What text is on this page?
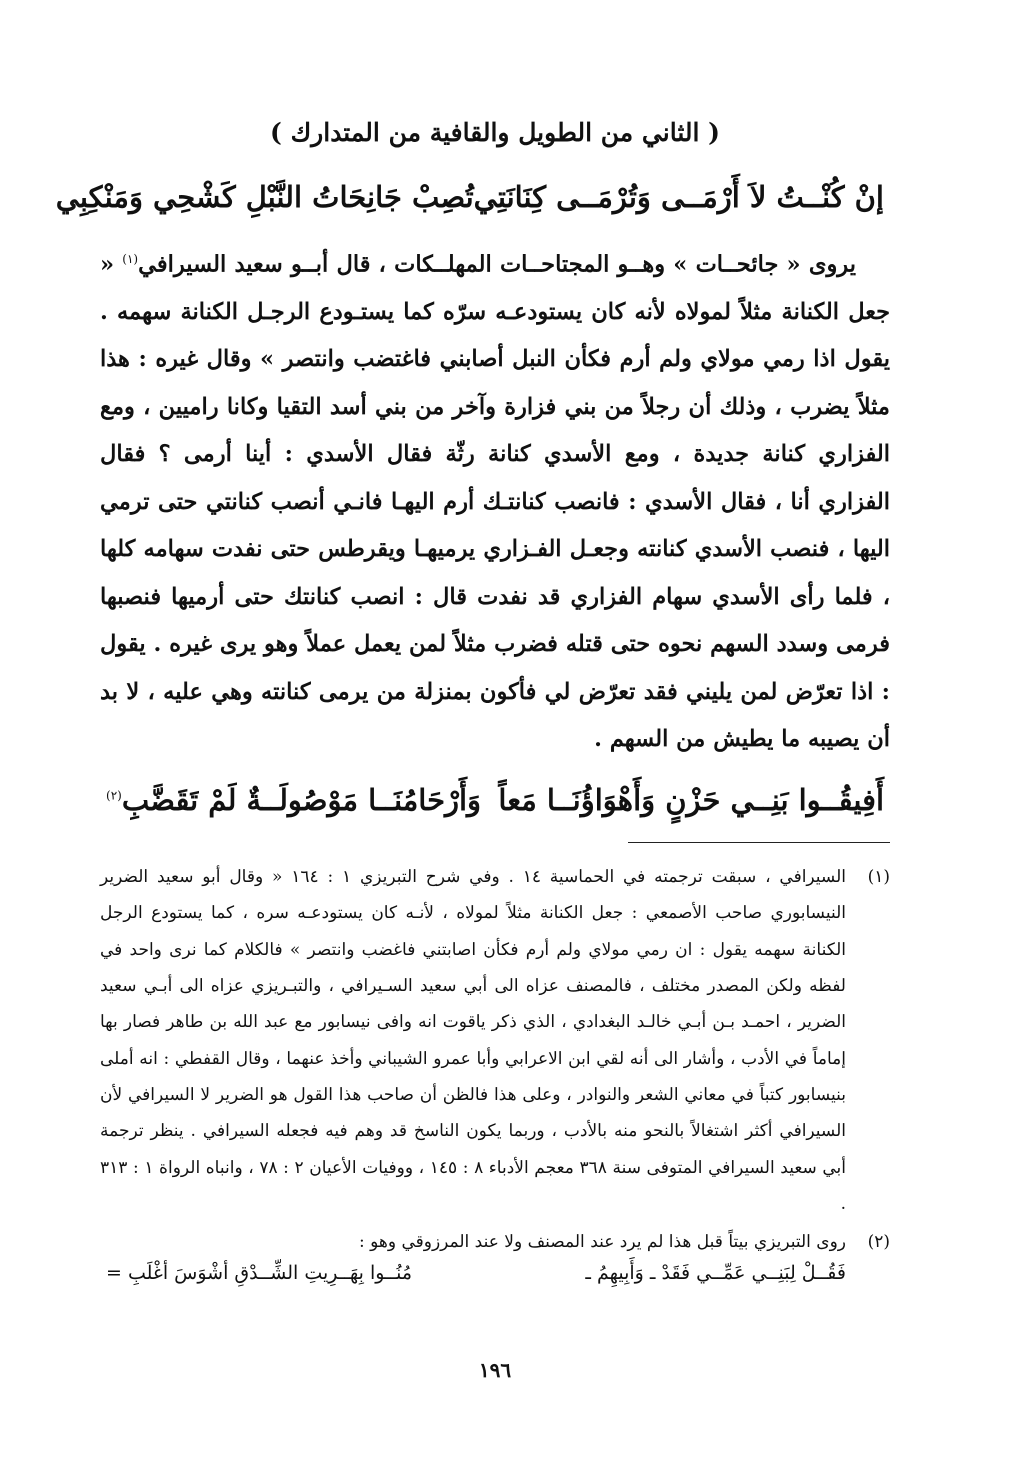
( الثاني من الطويل والقافية من المتدارك )
إنْ كُنْــتُ لاَ أَرْمَــى وَتُرْمَــى كِنَانَتِي
تُصِبْ جَانِحَاتُ النَّبْلِ كَشْحِي وَمَنْكِبِي

يروى « جائحــات » وهــو المجتاحــات المهلــكات ، قال أبــو سعيد السيرافي$^{(١)}$ « جعل الكنانة مثلاً لمولاه لأنه كان يستودعـه سرّه كما يستـودع الرجـل الكنانة سهمه . يقول اذا رمي مولاي ولم أرم فكأن النبل أصابني فاغتضب وانتصر » وقال غيره : هذا مثلاً يضرب ، وذلك أن رجلاً من بني فزارة وآخر من بني أسد التقيا وكانا راميين ، ومع الفزاري كنانة جديدة ، ومع الأسدي كنانة رثّة فقال الأسدي : أينا أرمى ؟ فقال الفزاري أنا ، فقال الأسدي : فانصب كنانتـك أرم اليهـا فانـي أنصب كنانتي حتى ترمي اليها ، فنصب الأسدي كنانته وجعـل الفـزاري يرميهـا ويقرطس حتى نفدت سهامه كلها ، فلما رأى الأسدي سهام الفزاري قد نفدت قال : انصب كنانتك حتى أرميها فنصبها فرمى وسدد السهم نحوه حتى قتله فضرب مثلاً لمن يعمل عملاً وهو يرى غيره . يقول : اذا تعرّض لمن يليني فقد تعرّض لي فأكون بمنزلة من يرمى كنانته وهي عليه ، لا بد أن يصيبه ما يطيش من السهم .

أَفِيقُــوا بَنِــي حَزْنٍ وَأَهْوَاؤُنَــا مَعاً
وَأَرْحَامُنَــا مَوْصُولَــةٌ لَمْ تَقَضَّبِ$^{(٢)}$
(١)
السيرافي ، سبقت ترجمته في الحماسية ١٤ . وفي شرح التبريزي ١ : ١٦٤ « وقال أبو سعيد الضرير النيسابوري صاحب الأصمعي : جعل الكنانة مثلاً لمولاه ، لأنـه كان يستودعـه سره ، كما يستودع الرجل الكنانة سهمه يقول : ان رمي مولاي ولم أرم فكأن اصابتني فاغضب وانتصر » فالكلام كما نرى واحد في لفظه ولكن المصدر مختلف ، فالمصنف عزاه الى أبي سعيد السـيرافي ، والتبـريزي عزاه الى أبـي سعيد الضرير ، احمـد بـن أبـي خالـد البغدادي ، الذي ذكر ياقوت انه وافى نيسابور مع عبد الله بن طاهر فصار بها إماماً في الأدب ، وأشار الى أنه لقي ابن الاعرابي وأبا عمرو الشيباني وأخذ عنهما ، وقال القفطي : انه أملى بنيسابور كتباً في معاني الشعر والنوادر ، وعلى هذا فالظن أن صاحب هذا القول هو الضرير لا السيرافي لأن السيرافي أكثر اشتغالاً بالنحو منه بالأدب ، وربما يكون الناسخ قد وهم فيه فجعله السيرافي . ينظر ترجمة أبي سعيد السيرافي المتوفى سنة ٣٦٨ معجم الأدباء ٨ : ١٤٥ ، ووفيات الأعيان ٢ : ٧٨ ، وانباه الرواة ١ : ٣١٣ .
(٢)
روى التبريزي بيتاً قبل هذا لم يرد عند المصنف ولا عند المرزوقي وهو :
فَقُــلْ لِبَنِــي عَمِّــي فَقَدْ ـ وَأَبِيهِمُ ـ
مُنُــوا بِهَــرِيتِ الشِّــدْقِ أشْوَسَ أغْلَبِ =
١٩٦
